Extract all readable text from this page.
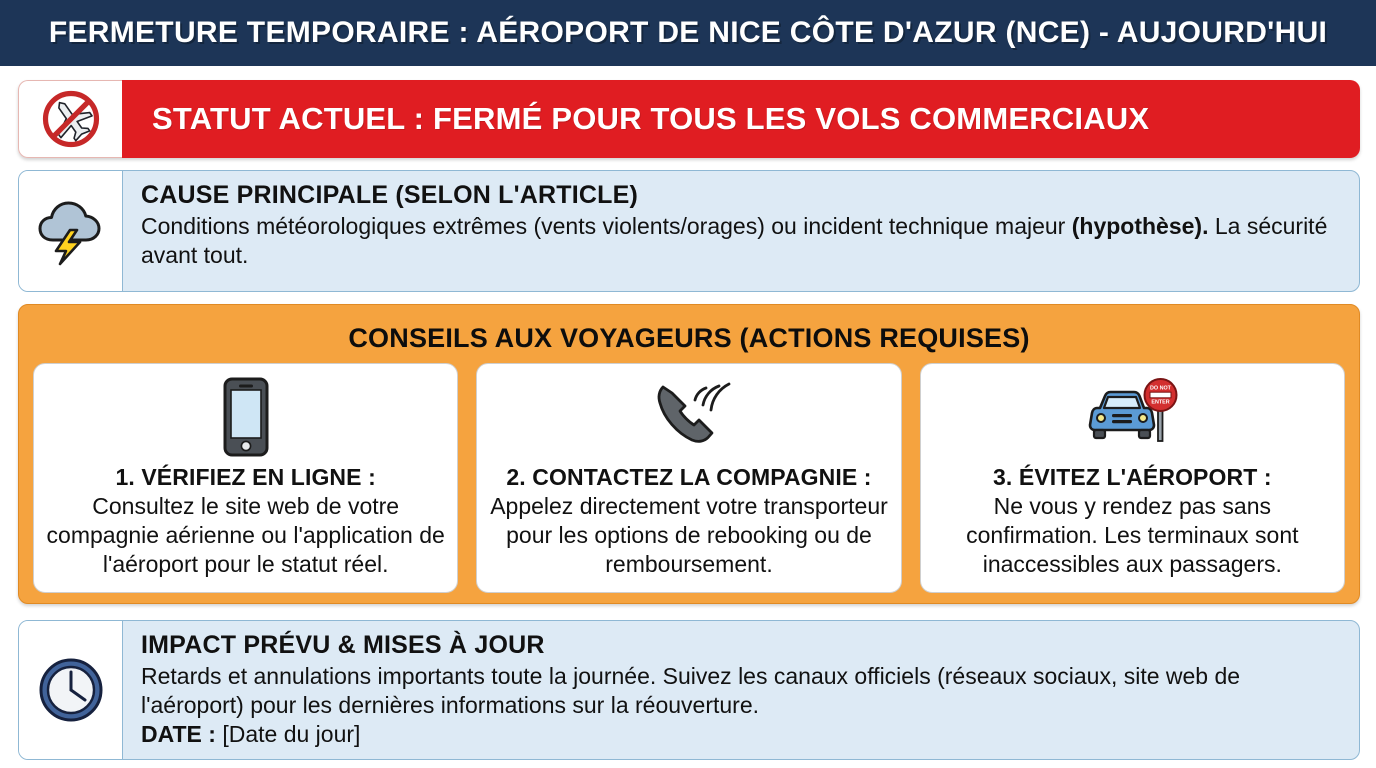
FERMETURE TEMPORAIRE : AÉROPORT DE NICE CÔTE D'AZUR (NCE) - AUJOURD'HUI
STATUT ACTUEL : FERMÉ POUR TOUS LES VOLS COMMERCIAUX
CAUSE PRINCIPALE (SELON L'ARTICLE)
Conditions météorologiques extrêmes (vents violents/orages) ou incident technique majeur (hypothèse). La sécurité avant tout.
CONSEILS AUX VOYAGEURS (ACTIONS REQUISES)
1. VÉRIFIEZ EN LIGNE :
Consultez le site web de votre compagnie aérienne ou l'application de l'aéroport pour le statut réel.
2. CONTACTEZ LA COMPAGNIE :
Appelez directement votre transporteur pour les options de rebooking ou de remboursement.
DO NOT
ENTER
3. ÉVITEZ L'AÉROPORT :
Ne vous y rendez pas sans confirmation. Les terminaux sont inaccessibles aux passagers.
IMPACT PRÉVU & MISES À JOUR
Retards et annulations importants toute la journée. Suivez les canaux officiels (réseaux sociaux, site web de l'aéroport) pour les dernières informations sur la réouverture.
DATE : [Date du jour]
